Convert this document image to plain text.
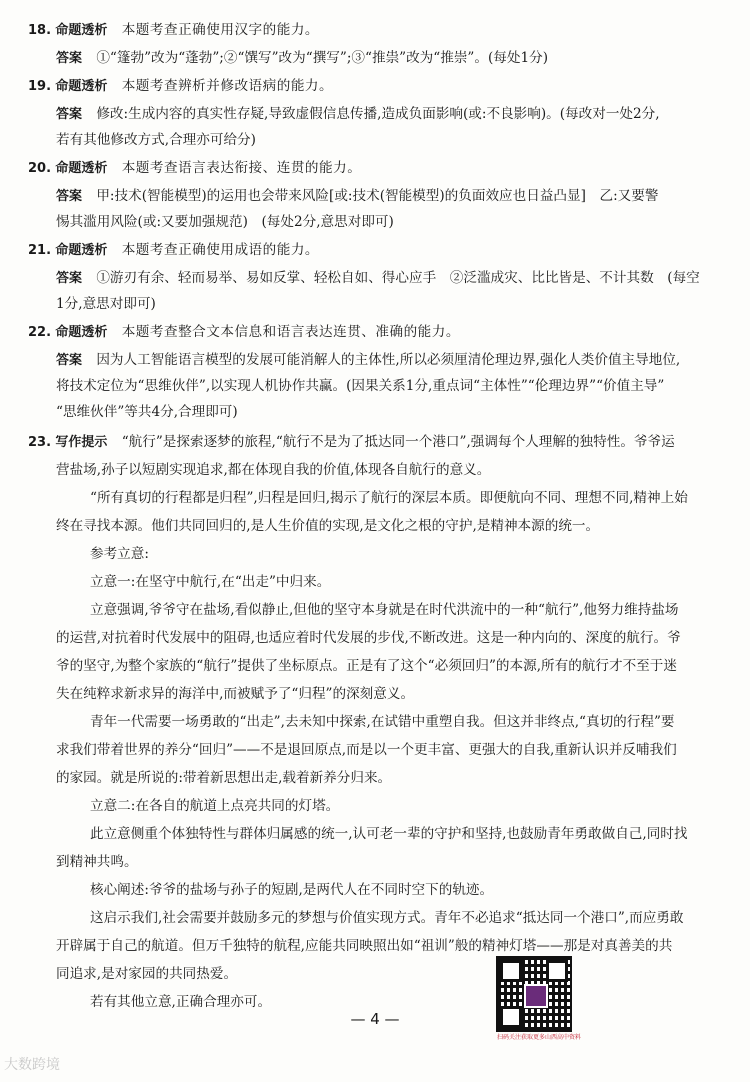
18. 命题透析 本题考查正确使用汉字的能力。
答案 ①“篷勃”改为“蓬勃”;②“馔写”改为“撰写”;③“推祟”改为“推崇”。(每处1分)
19. 命题透析 本题考查辨析并修改语病的能力。
答案 修改:生成内容的真实性存疑,导致虚假信息传播,造成负面影响(或:不良影响)。(每改对一处2分,
若有其他修改方式,合理亦可给分)
20. 命题透析 本题考查语言表达衔接、连贯的能力。
答案 甲:技术(智能模型)的运用也会带来风险[或:技术(智能模型)的负面效应也日益凸显]　乙:又要警
惕其滥用风险(或:又要加强规范)　(每处2分,意思对即可)
21. 命题透析 本题考查正确使用成语的能力。
答案 ①游刃有余、轻而易举、易如反掌、轻松自如、得心应手　②泛滥成灾、比比皆是、不计其数　(每空
1分,意思对即可)
22. 命题透析 本题考查整合文本信息和语言表达连贯、准确的能力。
答案 因为人工智能语言模型的发展可能消解人的主体性,所以必须厘清伦理边界,强化人类价值主导地位,
将技术定位为“思维伙伴”,以实现人机协作共赢。(因果关系1分,重点词“主体性”“伦理边界”“价值主导”
“思维伙伴”等共4分,合理即可)
23. 写作提示 “航行”是探索逐梦的旅程,“航行不是为了抵达同一个港口”,强调每个人理解的独特性。爷爷运
营盐场,孙子以短剧实现追求,都在体现自我的价值,体现各自航行的意义。
“所有真切的行程都是归程”,归程是回归,揭示了航行的深层本质。即便航向不同、理想不同,精神上始
终在寻找本源。他们共同回归的,是人生价值的实现,是文化之根的守护,是精神本源的统一。
参考立意:
立意一:在坚守中航行,在“出走”中归来。
立意强调,爷爷守在盐场,看似静止,但他的坚守本身就是在时代洪流中的一种“航行”,他努力维持盐场
的运营,对抗着时代发展中的阻碍,也适应着时代发展的步伐,不断改进。这是一种内向的、深度的航行。爷
爷的坚守,为整个家族的“航行”提供了坐标原点。正是有了这个“必须回归”的本源,所有的航行才不至于迷
失在纯粹求新求异的海洋中,而被赋予了“归程”的深刻意义。
青年一代需要一场勇敢的“出走”,去未知中探索,在试错中重塑自我。但这并非终点,“真切的行程”要
求我们带着世界的养分“回归”——不是退回原点,而是以一个更丰富、更强大的自我,重新认识并反哺我们
的家园。就是所说的:带着新思想出走,载着新养分归来。
立意二:在各自的航道上点亮共同的灯塔。
此立意侧重个体独特性与群体归属感的统一,认可老一辈的守护和坚持,也鼓励青年勇敢做自己,同时找
到精神共鸣。
核心阐述:爷爷的盐场与孙子的短剧,是两代人在不同时空下的轨迹。
这启示我们,社会需要并鼓励多元的梦想与价值实现方式。青年不必追求“抵达同一个港口”,而应勇敢
开辟属于自己的航道。但万千独特的航程,应能共同映照出如“祖训”般的精神灯塔——那是对真善美的共
同追求,是对家园的共同热爱。
若有其他立意,正确合理亦可。
扫码关注获取更多山西高中资料
— 4 —
大数跨境
